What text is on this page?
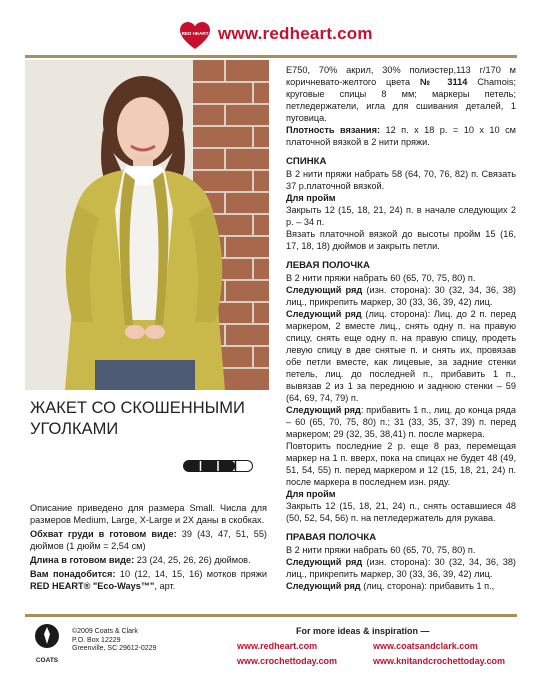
RED HEART www.redheart.com
ЖАКЕТ СО СКОШЕННЫМИ УГОЛКАМИ

Описание приведено для размера Small. Числа для размеров Medium, Large, X-Large и 2X даны в скобках.

Обхват груди в готовом виде: 39 (43, 47, 51, 55) дюймов (1 дюйм = 2,54 см)

Длина в готовом виде: 23 (24, 25, 26, 26) дюймов.

Вам понадобится: 10 (12, 14, 15, 16) мотков пряжи RED HEART® "Eco-Ways™", арт.

E750, 70% акрил, 30% полиэстер,113 г/170 м коричневато-желтого цвета № 3114 Chamois; круговые спицы 8 мм; маркеры петель; петледержатели, игла для сшивания деталей, 1 пуговица.

Плотность вязания: 12 п. х 18 р. = 10 х 10 см платочной вязкой в 2 нити пряжи.

СПИНКА

В 2 нити пряжи набрать 58 (64, 70, 76, 82) п. Связать 37 р.платочной вязкой.

Для пройм

Закрыть 12 (15, 18, 21, 24) п. в начале следующих 2 р. – 34 п.

Вязать платочной вязкой до высоты пройм 15 (16, 17, 18, 18) дюймов и закрыть петли.

ЛЕВАЯ ПОЛОЧКА

В 2 нити пряжи набрать 60 (65, 70, 75, 80) п.

Следующий ряд (изн. сторона): 30 (32, 34, 36, 38) лиц., прикрепить маркер, 30 (33, 36, 39, 42) лиц.

Следующий ряд (лиц. сторона): Лиц. до 2 п. перед маркером, 2 вместе лиц., снять одну п. на правую спицу, снять еще одну п. на правую спицу, продеть левую спицу в две снятые п. и снять их, провязав обе петли вместе, как лицевые, за задние стенки петель, лиц. до последней п., прибавить 1 п., вывязав 2 из 1 за переднюю и заднюю стенки – 59 (64, 69, 74, 79) п.

Следующий ряд: прибавить 1 п., лиц. до конца ряда – 60 (65, 70, 75, 80) п.; 31 (33, 35, 37, 39) п. перед маркером; 29 (32, 35, 38,41) п. после маркера.

Повторить последние 2 р. еще 8 раз, перемещая маркер на 1 п. вверх, пока на спицах не будет 48 (49, 51, 54, 55) п. перед маркером и 12 (15, 18, 21, 24) п. после маркера в последнем изн. ряду.

Для пройм

Закрыть 12 (15, 18, 21, 24) п., снять оставшиеся 48 (50, 52, 54, 56) п. на петледержатель для рукава.

ПРАВАЯ ПОЛОЧКА

В 2 нити пряжи набрать 60 (65, 70, 75, 80) п.

Следующий ряд (изн. сторона): 30 (32, 34, 36, 38) лиц., прикрепить маркер, 30 (33, 36, 39, 42) лиц.

Следующий ряд (лиц. сторона): прибавить 1 п.,

COATS
©2009 Coats & Clark
P.O. Box 12229
Greenville, SC 29612-0229
For more ideas & inspiration —
www.redheart.com	www.coatsandclark.com
www.crochettoday.com	www.knitandcrochettoday.com
